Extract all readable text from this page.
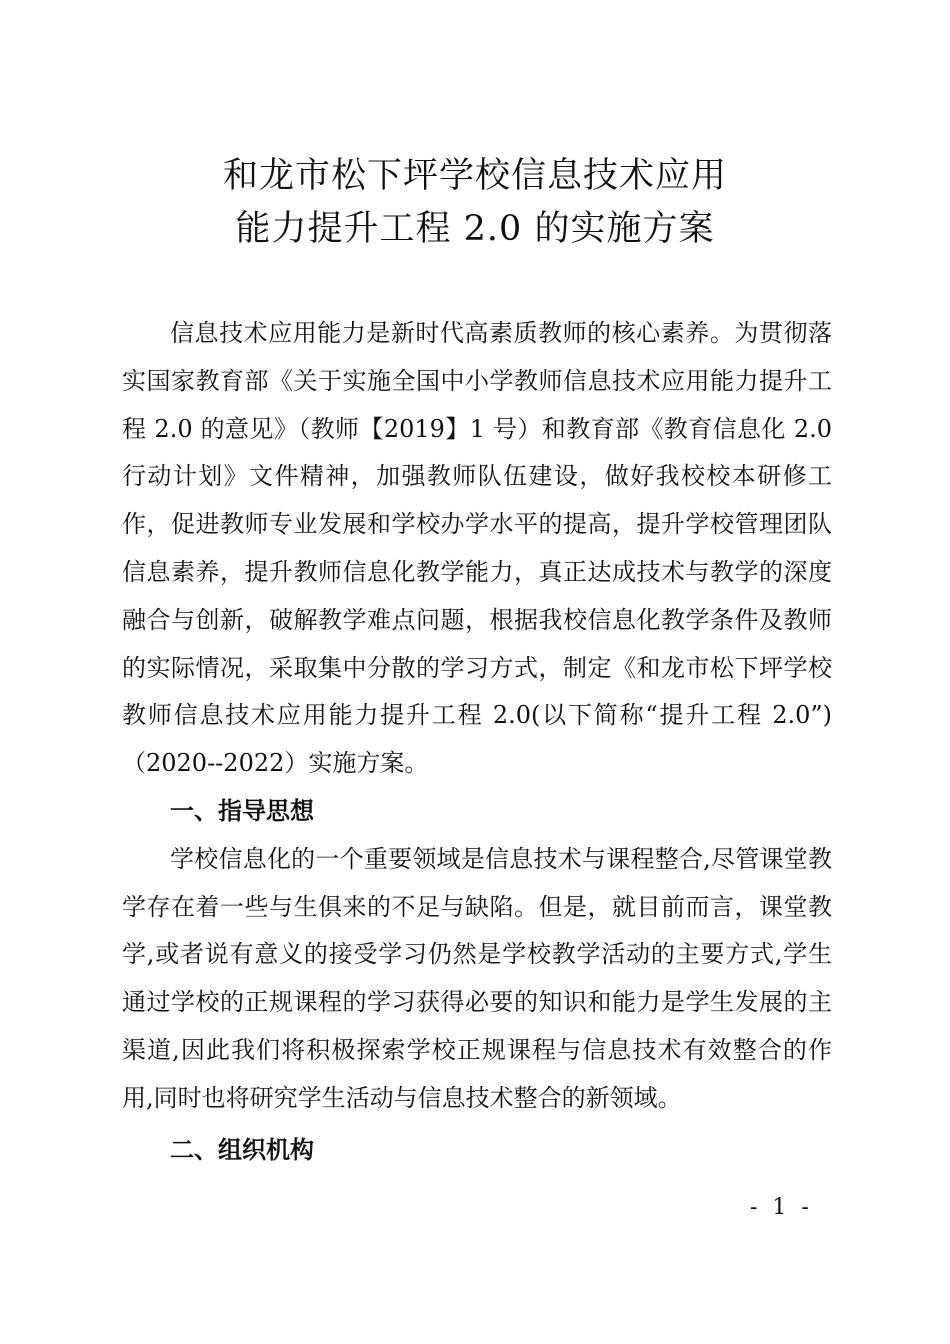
和龙市松下坪学校信息技术应用
能力提升工程 2.0 的实施方案

信息技术应用能力是新时代高素质教师的核心素养。为贯彻落实国家教育部《关于实施全国中小学教师信息技术应用能力提升工程 2.0 的意见》（教师【2019】1 号）和教育部《教育信息化 2.0 行动计划》文件精神，加强教师队伍建设，做好我校校本研修工作，促进教师专业发展和学校办学水平的提高，提升学校管理团队信息素养，提升教师信息化教学能力，真正达成技术与教学的深度融合与创新，破解教学难点问题，根据我校信息化教学条件及教师的实际情况，采取集中分散的学习方式，制定《和龙市松下坪学校教师信息技术应用能力提升工程 2.0(以下简称“提升工程 2.0”)（2020--2022）实施方案。

一、指导思想

学校信息化的一个重要领域是信息技术与课程整合,尽管课堂教学存在着一些与生俱来的不足与缺陷。但是，就目前而言，课堂教学,或者说有意义的接受学习仍然是学校教学活动的主要方式,学生通过学校的正规课程的学习获得必要的知识和能力是学生发展的主渠道,因此我们将积极探索学校正规课程与信息技术有效整合的作用,同时也将研究学生活动与信息技术整合的新领域。

二、组织机构

- 1 -
